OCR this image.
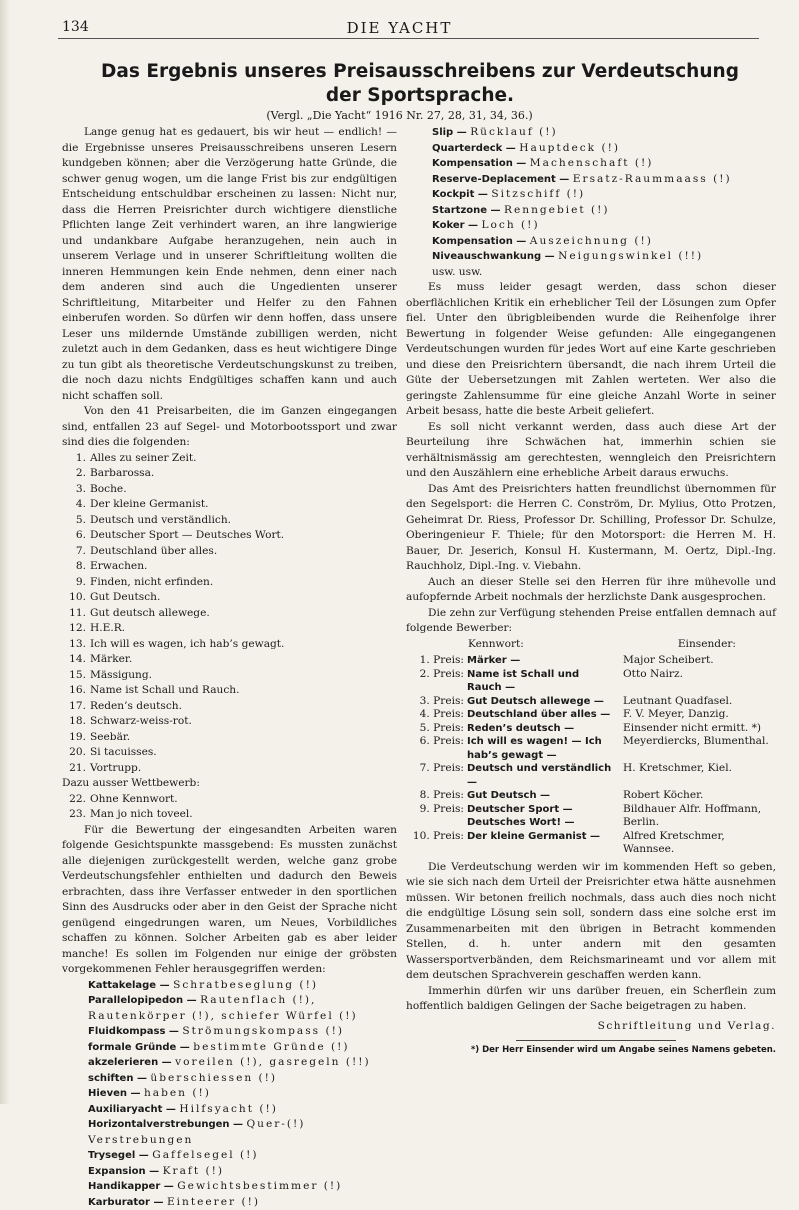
134	DIE YACHT
Das Ergebnis unseres Preisausschreibens zur Verdeutschung
der Sportsprache.
(Vergl. „Die Yacht“ 1916 Nr. 27, 28, 31, 34, 36.)

Lange genug hat es gedauert, bis wir heut — endlich! — die Ergebnisse unseres Preisausschreibens unseren Lesern kundgeben können; aber die Verzögerung hatte Gründe, die schwer genug wogen, um die lange Frist bis zur endgültigen Entscheidung entschuldbar erscheinen zu lassen: Nicht nur, dass die Herren Preisrichter durch wichtigere dienstliche Pflichten lange Zeit verhindert waren, an ihre langwierige und undankbare Aufgabe heranzugehen, nein auch in unserem Verlage und in unserer Schriftleitung wollten die inneren Hemmungen kein Ende nehmen, denn einer nach dem anderen sind auch die Ungedienten unserer Schriftleitung, Mitarbeiter und Helfer zu den Fahnen einberufen worden. So dürfen wir denn hoffen, dass unsere Leser uns mildernde Umstände zubilligen werden, nicht zuletzt auch in dem Gedanken, dass es heut wichtigere Dinge zu tun gibt als theoretische Verdeutschungskunst zu treiben, die noch dazu nichts Endgültiges schaffen kann und auch nicht schaffen soll.

Von den 41 Preisarbeiten, die im Ganzen eingegangen sind, entfallen 23 auf Segel- und Motorbootssport und zwar sind dies die folgenden:

1. Alles zu seiner Zeit.
2. Barbarossa.
3. Boche.
4. Der kleine Germanist.
5. Deutsch und verständlich.
6. Deutscher Sport — Deutsches Wort.
7. Deutschland über alles.
8. Erwachen.
9. Finden, nicht erfinden.
10. Gut Deutsch.
11. Gut deutsch allewege.
12. H.E.R.
13. Ich will es wagen, ich hab’s gewagt.
14. Märker.
15. Mässigung.
16. Name ist Schall und Rauch.
17. Reden’s deutsch.
18. Schwarz-weiss-rot.
19. Seebär.
20. Si tacuisses.
21. Vortrupp.

Dazu ausser Wettbewerb:

22. Ohne Kennwort.
23. Man jo nich toveel.

Für die Bewertung der eingesandten Arbeiten waren folgende Gesichtspunkte massgebend: Es mussten zunächst alle diejenigen zurückgestellt werden, welche ganz grobe Verdeutschungsfehler enthielten und dadurch den Beweis erbrachten, dass ihre Verfasser entweder in den sportlichen Sinn des Ausdrucks oder aber in den Geist der Sprache nicht genügend eingedrungen waren, um Neues, Vorbildliches schaffen zu können. Solcher Arbeiten gab es aber leider manche! Es sollen im Folgenden nur einige der gröbsten vorgekommenen Fehler herausgegriffen werden:

Kattakelage — Schratbeseglung (!)
Parallelopipedon — Rautenflach (!), Rautenkörper (!), schiefer Würfel (!)
Fluidkompass — Strömungskompass (!)
formale Gründe — bestimmte Gründe (!)
akzelerieren — voreilen (!), gasregeln (!!)
schiften — überschiessen (!)
Hieven — haben (!)
Auxiliaryacht — Hilfsyacht (!)
Horizontalverstrebungen — Quer-(!) Verstrebungen
Trysegel — Gaffelsegel (!)
Expansion — Kraft (!)
Handikapper — Gewichtsbestimmer (!)
Karburator — Einteerer (!)
Slip — Rücklauf (!)
Quarterdeck — Hauptdeck (!)
Kompensation — Machenschaft (!)
Reserve-Deplacement — Ersatz-Raummaass (!)
Kockpit — Sitzschiff (!)
Startzone — Renngebiet (!)
Koker — Loch (!)
Kompensation — Auszeichnung (!)
Niveauschwankung — Neigungswinkel (!!)

usw. usw.

Es muss leider gesagt werden, dass schon dieser oberflächlichen Kritik ein erheblicher Teil der Lösungen zum Opfer fiel. Unter den übrigbleibenden wurde die Reihenfolge ihrer Bewertung in folgender Weise gefunden: Alle eingegangenen Verdeutschungen wurden für jedes Wort auf eine Karte geschrieben und diese den Preisrichtern übersandt, die nach ihrem Urteil die Güte der Uebersetzungen mit Zahlen werteten. Wer also die geringste Zahlensumme für eine gleiche Anzahl Worte in seiner Arbeit besass, hatte die beste Arbeit geliefert.

Es soll nicht verkannt werden, dass auch diese Art der Beurteilung ihre Schwächen hat, immerhin schien sie verhältnismässig am gerechtesten, wenngleich den Preisrichtern und den Auszählern eine erhebliche Arbeit daraus erwuchs.

Das Amt des Preisrichters hatten freundlichst übernommen für den Segelsport: die Herren C. Conström, Dr. Mylius, Otto Protzen, Geheimrat Dr. Riess, Professor Dr. Schilling, Professor Dr. Schulze, Oberingenieur F. Thiele; für den Motorsport: die Herren M. H. Bauer, Dr. Jeserich, Konsul H. Kustermann, M. Oertz, Dipl.-Ing. Rauchholz, Dipl.-Ing. v. Viebahn.

Auch an dieser Stelle sei den Herren für ihre mühevolle und aufopfernde Arbeit nochmals der herzlichste Dank ausgesprochen.

Die zehn zur Verfügung stehenden Preise entfallen demnach auf folgende Bewerber:

Kennwort:	Einsender:
1. Preis:	Märker —	Major Scheibert.
2. Preis:	Name ist Schall und Rauch —	Otto Nairz.
3. Preis:	Gut Deutsch allewege —	Leutnant Quadfasel.
4. Preis:	Deutschland über alles —	F. V. Meyer, Danzig.
5. Preis:	Reden’s deutsch —	Einsender nicht ermitt. *)
6. Preis:	Ich will es wagen! — Ich hab’s gewagt —	Meyerdiercks, Blumenthal.
7. Preis:	Deutsch und verständlich —	H. Kretschmer, Kiel.
8. Preis:	Gut Deutsch —	Robert Köcher.
9. Preis:	Deutscher Sport — Deutsches Wort! —	Bildhauer Alfr. Hoffmann, Berlin.
10. Preis:	Der kleine Germanist —	Alfred Kretschmer, Wannsee.

Die Verdeutschung werden wir im kommenden Heft so geben, wie sie sich nach dem Urteil der Preisrichter etwa hätte ausnehmen müssen. Wir betonen freilich nochmals, dass auch dies noch nicht die endgültige Lösung sein soll, sondern dass eine solche erst im Zusammenarbeiten mit den übrigen in Betracht kommenden Stellen, d. h. unter andern mit den gesamten Wassersportverbänden, dem Reichsmarineamt und vor allem mit dem deutschen Sprachverein geschaffen werden kann.

Immerhin dürfen wir uns darüber freuen, ein Scherflein zum hoffentlich baldigen Gelingen der Sache beigetragen zu haben.

Schriftleitung und Verlag.
*) Der Herr Einsender wird um Angabe seines Namens gebeten.
